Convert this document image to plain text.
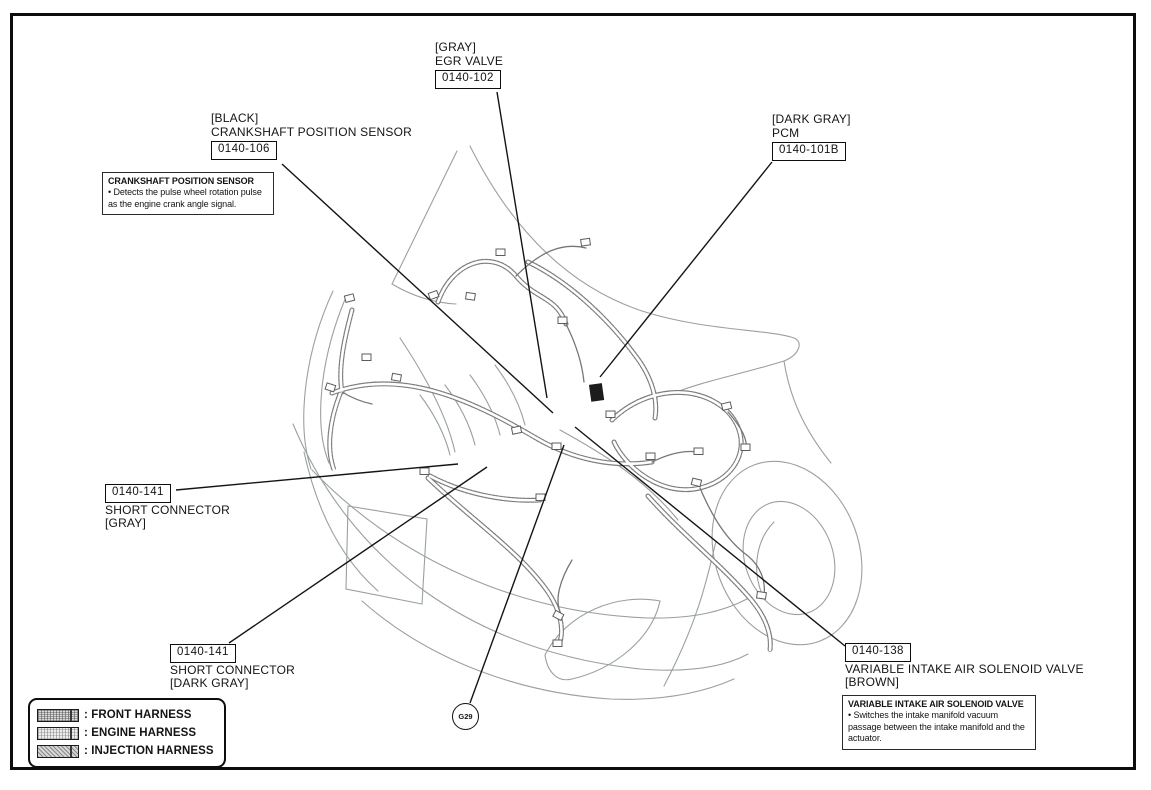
[GRAY]
EGR VALVE
0140-102
[BLACK]
CRANKSHAFT POSITION SENSOR
0140-106
CRANKSHAFT POSITION SENSOR
• Detects the pulse wheel rotation pulse as the engine crank angle signal.
[DARK GRAY]
PCM
0140-101B
0140-141
SHORT CONNECTOR
[GRAY]
0140-141
SHORT CONNECTOR
[DARK GRAY]
0140-138
VARIABLE INTAKE AIR SOLENOID VALVE
[BROWN]
VARIABLE INTAKE AIR SOLENOID VALVE
• Switches the intake manifold vacuum passage between the intake manifold and the actuator.
G29
: FRONT HARNESS
: ENGINE HARNESS
: INJECTION HARNESS
